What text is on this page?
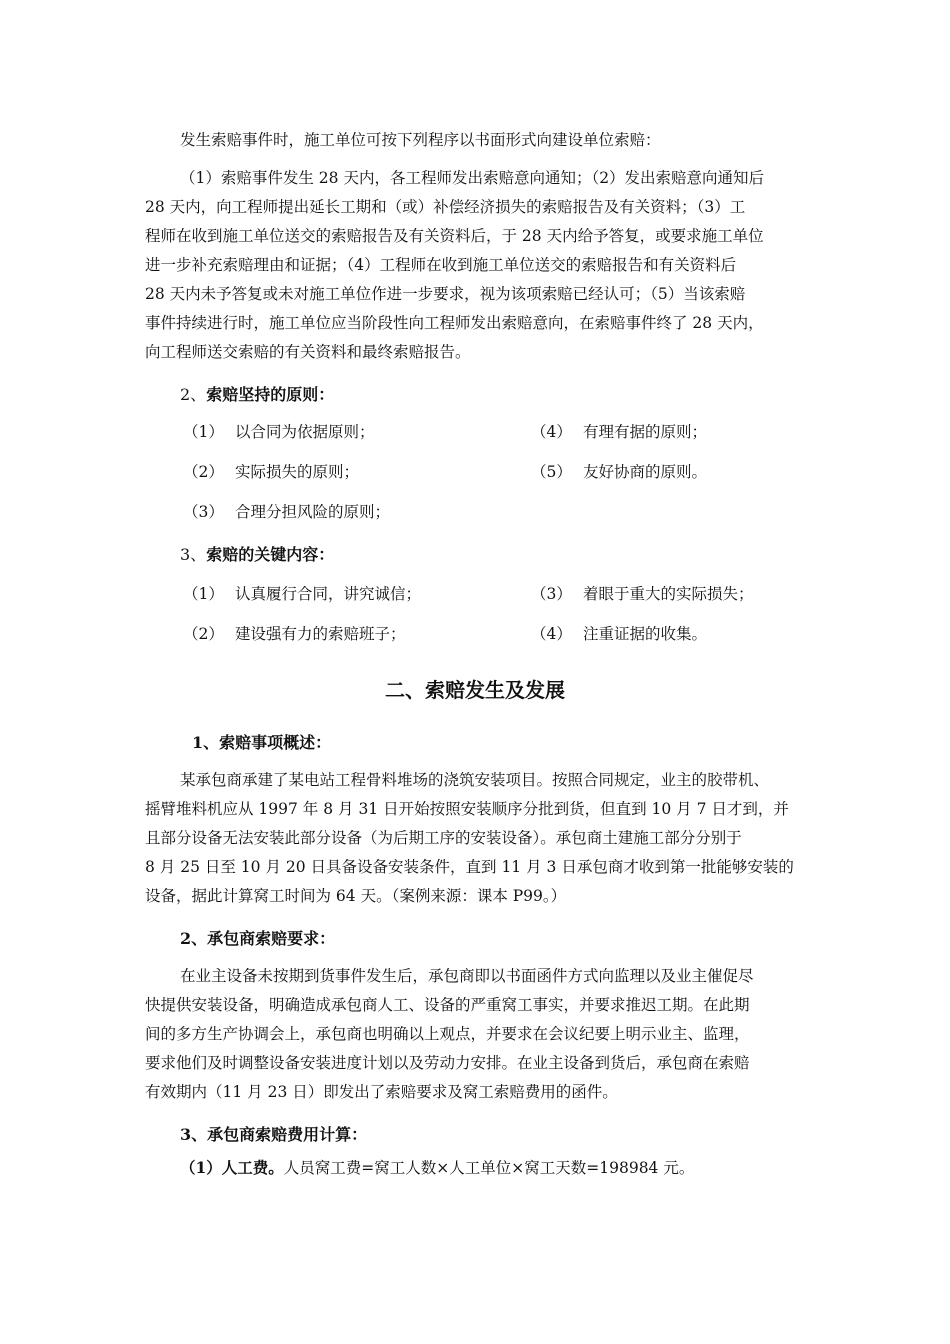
发生索赔事件时，施工单位可按下列程序以书面形式向建设单位索赔：
（1）索赔事件发生 28 天内，各工程师发出索赔意向通知；（2）发出索赔意向通知后
28 天内，向工程师提出延长工期和（或）补偿经济损失的索赔报告及有关资料；（3）工
程师在收到施工单位送交的索赔报告及有关资料后，于 28 天内给予答复，或要求施工单位
进一步补充索赔理由和证据；（4）工程师在收到施工单位送交的索赔报告和有关资料后
28 天内未予答复或未对施工单位作进一步要求，视为该项索赔已经认可；（5）当该索赔
事件持续进行时，施工单位应当阶段性向工程师发出索赔意向，在索赔事件终了 28 天内，
向工程师送交索赔的有关资料和最终索赔报告。
2、索赔坚持的原则：
（1） 以合同为依据原则；	（4） 有理有据的原则；
（2） 实际损失的原则；	（5） 友好协商的原则。
（3） 合理分担风险的原则；
3、索赔的关键内容：
（1） 认真履行合同，讲究诚信；	（3） 着眼于重大的实际损失；
（2） 建设强有力的索赔班子；	（4） 注重证据的收集。
二、索赔发生及发展
1、索赔事项概述：
某承包商承建了某电站工程骨料堆场的浇筑安装项目。按照合同规定，业主的胶带机、
摇臂堆料机应从 1997 年 8 月 31 日开始按照安装顺序分批到货，但直到 10 月 7 日才到，并
且部分设备无法安装此部分设备（为后期工序的安装设备）。承包商土建施工部分分别于
8 月 25 日至 10 月 20 日具备设备安装条件，直到 11 月 3 日承包商才收到第一批能够安装的
设备，据此计算窝工时间为 64 天。（案例来源：课本 P99。）
2、承包商索赔要求：
在业主设备未按期到货事件发生后，承包商即以书面函件方式向监理以及业主催促尽
快提供安装设备，明确造成承包商人工、设备的严重窝工事实，并要求推迟工期。在此期
间的多方生产协调会上，承包商也明确以上观点，并要求在会议纪要上明示业主、监理，
要求他们及时调整设备安装进度计划以及劳动力安排。在业主设备到货后，承包商在索赔
有效期内（11 月 23 日）即发出了索赔要求及窝工索赔费用的函件。
3、承包商索赔费用计算：
（1）人工费。人员窝工费=窝工人数×人工单位×窝工天数=198984 元。
